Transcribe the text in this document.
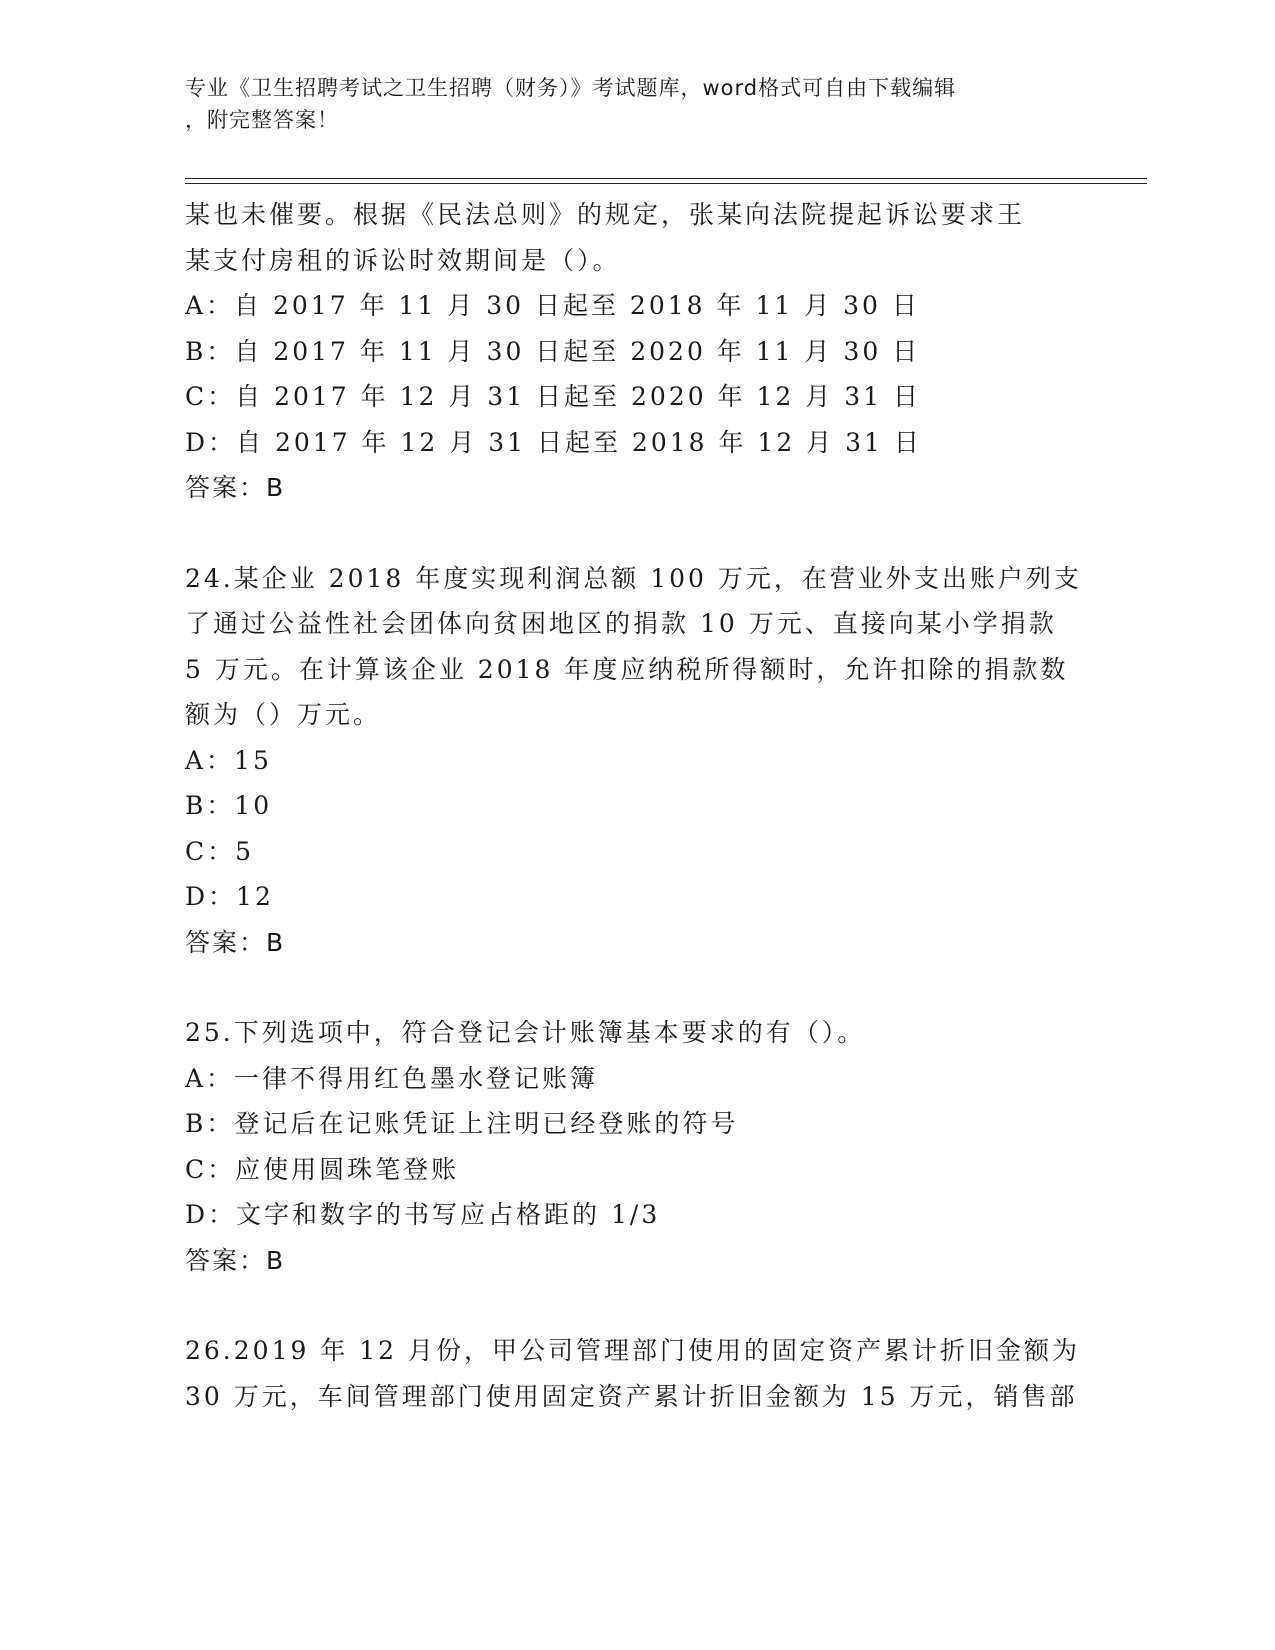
专业《卫生招聘考试之卫生招聘（财务）》考试题库，word格式可自由下载编辑
，附完整答案！
某也未催要。根据《民法总则》的规定，张某向法院提起诉讼要求王
某支付房租的诉讼时效期间是（）。
A：自 2017 年 11 月 30 日起至 2018 年 11 月 30 日
B：自 2017 年 11 月 30 日起至 2020 年 11 月 30 日
C：自 2017 年 12 月 31 日起至 2020 年 12 月 31 日
D：自 2017 年 12 月 31 日起至 2018 年 12 月 31 日
答案：B
24.某企业 2018 年度实现利润总额 100 万元，在营业外支出账户列支
了通过公益性社会团体向贫困地区的捐款 10 万元、直接向某小学捐款
5 万元。在计算该企业 2018 年度应纳税所得额时，允许扣除的捐款数
额为（）万元。
A：15
B：10
C：5
D：12
答案：B
25.下列选项中，符合登记会计账簿基本要求的有（）。
A：一律不得用红色墨水登记账簿
B：登记后在记账凭证上注明已经登账的符号
C：应使用圆珠笔登账
D：文字和数字的书写应占格距的 1/3
答案：B
26.2019 年 12 月份，甲公司管理部门使用的固定资产累计折旧金额为
30 万元，车间管理部门使用固定资产累计折旧金额为 15 万元，销售部
